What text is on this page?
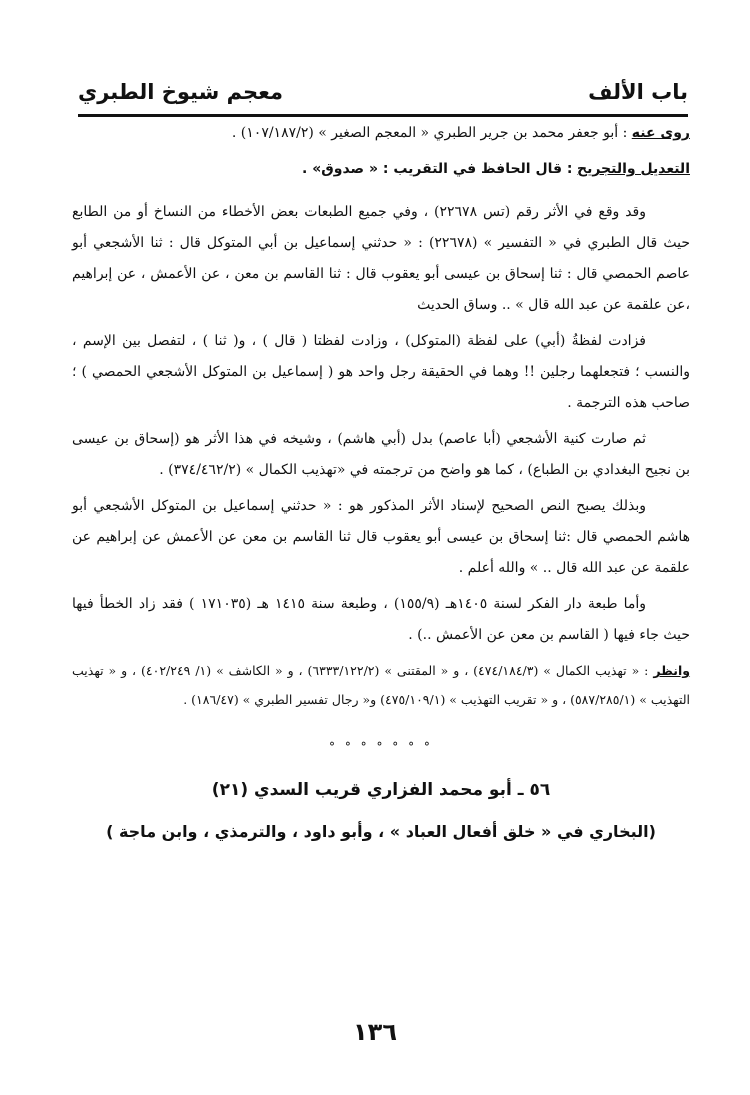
باب الألف
معجم شيوخ الطبري

روى عنه : أبو جعفر محمد بن جرير الطبري « المعجم الصغير » (١٠٧/١٨٧/٢) .

التعديل والتجريح : قال الحافظ في التقريب : « صدوق» .

وقد وقع في الأثر رقم (تس ٢٢٦٧٨) ، وفي جميع الطبعات بعض الأخطاء من النساخ أو من الطابع حيث قال الطبري في « التفسير » (٢٢٦٧٨) : « حدثني إسماعيل بن أبي المتوكل قال : ثنا الأشجعي أبو عاصم الحمصي قال : ثنا إسحاق بن عيسى أبو يعقوب قال : ثنا القاسم بن معن ، عن الأعمش ، عن إبراهيم ،عن علقمة عن عبد الله قال » .. وساق الحديث

فزادت لفظةُ (أبي) على لفظة (المتوكل) ، وزادت لفظتا ( قال ) ، و( ثنا ) ، لتفصل بين الإسم ، والنسب ؛ فتجعلهما رجلين !! وهما في الحقيقة رجل واحد هو ( إسماعيل بن المتوكل الأشجعي الحمصي ) ؛ صاحب هذه الترجمة .

ثم صارت كنية الأشجعي (أبا عاصم) بدل (أبي هاشم) ، وشيخه في هذا الأثر هو (إسحاق بن عيسى بن نجيح البغدادي بن الطباع) ، كما هو واضح من ترجمته في «تهذيب الكمال » (٣٧٤/٤٦٢/٢) .

وبذلك يصبح النص الصحيح لإسناد الأثر المذكور هو : « حدثني إسماعيل بن المتوكل الأشجعي أبو هاشم الحمصي قال :ثنا إسحاق بن عيسى أبو يعقوب قال ثنا القاسم بن معن عن الأعمش عن إبراهيم عن علقمة عن عبد الله قال .. » والله أعلم .

وأما طبعة دار الفكر لسنة ١٤٠٥هـ (١٥٥/٩) ، وطبعة سنة ١٤١٥ هـ (١٧١٠٣٥ ) فقد زاد الخطأ فيها حيث جاء فيها ( القاسم بن معن عن الأعمش ..) .

وانظر : « تهذيب الكمال » (٤٧٤/١٨٤/٣) ، و « المقتنى » (٦٣٣٣/١٢٢/٢) ، و « الكاشف » (١/ ٤٠٢/٢٤٩) ، و « تهذيب التهذيب » (٥٨٧/٢٨٥/١) ، و « تقريب التهذيب » (٤٧٥/١٠٩/١) و« رجال تفسير الطبري » (١٨٦/٤٧) .

° ° ° ° ° ° °
٥٦ ـ أبو محمد الفزاري قريب السدي (٢١)
(البخاري في « خلق أفعال العباد » ، وأبو داود ، والترمذي ، وابن ماجة )
١٣٦
